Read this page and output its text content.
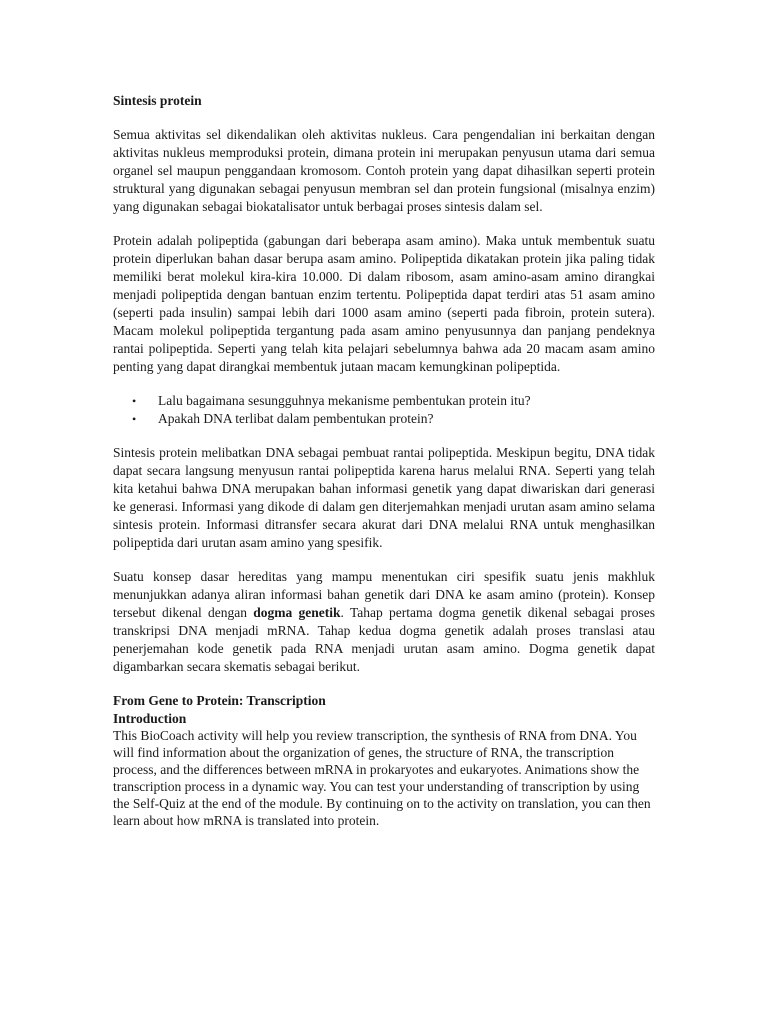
Sintesis protein

Semua aktivitas sel dikendalikan oleh aktivitas nukleus. Cara pengendalian ini berkaitan dengan aktivitas nukleus memproduksi protein, dimana protein ini merupakan penyusun utama dari semua organel sel maupun penggandaan kromosom. Contoh protein yang dapat dihasilkan seperti protein struktural yang digunakan sebagai penyusun membran sel dan protein fungsional (misalnya enzim) yang digunakan sebagai biokatalisator untuk berbagai proses sintesis dalam sel.

Protein adalah polipeptida (gabungan dari beberapa asam amino). Maka untuk membentuk suatu protein diperlukan bahan dasar berupa asam amino. Polipeptida dikatakan protein jika paling tidak memiliki berat molekul kira-kira 10.000. Di dalam ribosom, asam amino-asam amino dirangkai menjadi polipeptida dengan bantuan enzim tertentu. Polipeptida dapat terdiri atas 51 asam amino (seperti pada insulin) sampai lebih dari 1000 asam amino (seperti pada fibroin, protein sutera). Macam molekul polipeptida tergantung pada asam amino penyusunnya dan panjang pendeknya rantai polipeptida. Seperti yang telah kita pelajari sebelumnya bahwa ada 20 macam asam amino penting yang dapat dirangkai membentuk jutaan macam kemungkinan polipeptida.

• Lalu bagaimana sesungguhnya mekanisme pembentukan protein itu?
• Apakah DNA terlibat dalam pembentukan protein?

Sintesis protein melibatkan DNA sebagai pembuat rantai polipeptida. Meskipun begitu, DNA tidak dapat secara langsung menyusun rantai polipeptida karena harus melalui RNA. Seperti yang telah kita ketahui bahwa DNA merupakan bahan informasi genetik yang dapat diwariskan dari generasi ke generasi. Informasi yang dikode di dalam gen diterjemahkan menjadi urutan asam amino selama sintesis protein. Informasi ditransfer secara akurat dari DNA melalui RNA untuk menghasilkan polipeptida dari urutan asam amino yang spesifik.

Suatu konsep dasar hereditas yang mampu menentukan ciri spesifik suatu jenis makhluk menunjukkan adanya aliran informasi bahan genetik dari DNA ke asam amino (protein). Konsep tersebut dikenal dengan dogma genetik. Tahap pertama dogma genetik dikenal sebagai proses transkripsi DNA menjadi mRNA. Tahap kedua dogma genetik adalah proses translasi atau penerjemahan kode genetik pada RNA menjadi urutan asam amino. Dogma genetik dapat digambarkan secara skematis sebagai berikut.

From Gene to Protein: Transcription

Introduction

This BioCoach activity will help you review transcription, the synthesis of RNA from DNA. You will find information about the organization of genes, the structure of RNA, the transcription process, and the differences between mRNA in prokaryotes and eukaryotes. Animations show the transcription process in a dynamic way. You can test your understanding of transcription by using the Self-Quiz at the end of the module. By continuing on to the activity on translation, you can then learn about how mRNA is translated into protein.
